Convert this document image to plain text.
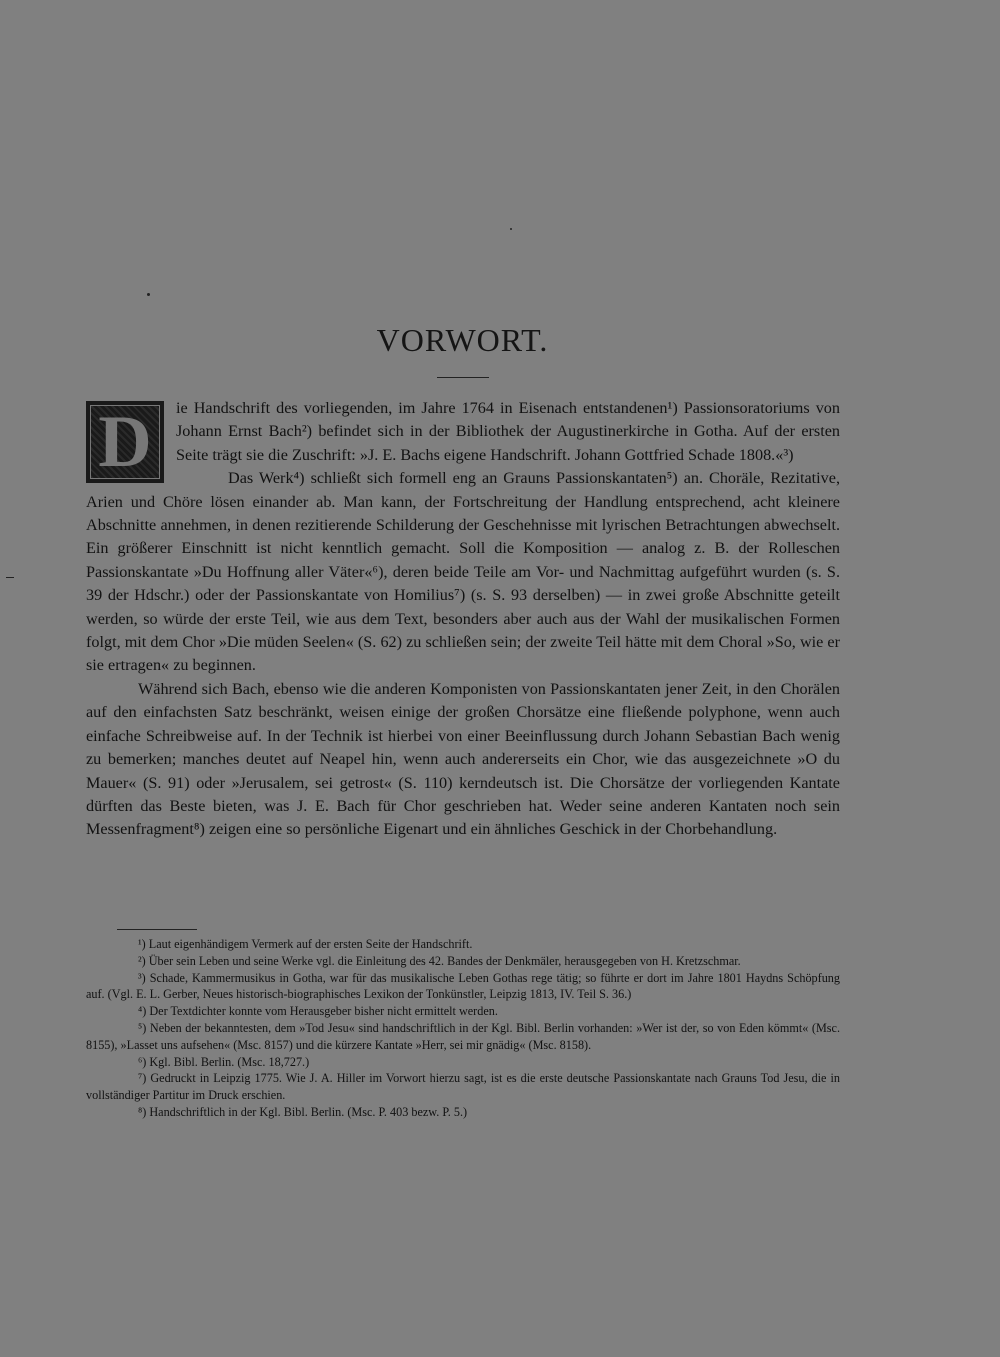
VORWORT.

D	ie Handschrift des vorliegenden, im Jahre 1764 in Eisenach entstandenen¹) Passionsoratoriums von Johann Ernst Bach²) befindet sich in der Bibliothek der Augustinerkirche in Gotha. Auf der ersten Seite trägt sie die Zuschrift: »J. E. Bachs eigene Handschrift. Johann Gottfried Schade 1808.«³)

Das Werk⁴) schließt sich formell eng an Grauns Passionskantaten⁵) an. Choräle, Rezitative, Arien und Chöre lösen einander ab. Man kann, der Fortschreitung der Handlung entsprechend, acht kleinere Abschnitte annehmen, in denen rezitierende Schilderung der Geschehnisse mit lyrischen Betrachtungen abwechselt. Ein größerer Einschnitt ist nicht kenntlich gemacht. Soll die Komposition — analog z. B. der Rolleschen Passionskantate »Du Hoffnung aller Väter«⁶), deren beide Teile am Vor- und Nachmittag aufgeführt wurden (s. S. 39 der Hdschr.) oder der Passionskantate von Homilius⁷) (s. S. 93 derselben) — in zwei große Abschnitte geteilt werden, so würde der erste Teil, wie aus dem Text, besonders aber auch aus der Wahl der musikalischen Formen folgt, mit dem Chor »Die müden Seelen« (S. 62) zu schließen sein; der zweite Teil hätte mit dem Choral »So, wie er sie ertragen« zu beginnen.

Während sich Bach, ebenso wie die anderen Komponisten von Passionskantaten jener Zeit, in den Chorälen auf den einfachsten Satz beschränkt, weisen einige der großen Chorsätze eine fließende polyphone, wenn auch einfache Schreibweise auf. In der Technik ist hierbei von einer Beeinflussung durch Johann Sebastian Bach wenig zu bemerken; manches deutet auf Neapel hin, wenn auch andererseits ein Chor, wie das ausgezeichnete »O du Mauer« (S. 91) oder »Jerusalem, sei getrost« (S. 110) kerndeutsch ist. Die Chorsätze der vorliegenden Kantate dürften das Beste bieten, was J. E. Bach für Chor geschrieben hat. Weder seine anderen Kantaten noch sein Messenfragment⁸) zeigen eine so persönliche Eigenart und ein ähnliches Geschick in der Chorbehandlung.

¹) Laut eigenhändigem Vermerk auf der ersten Seite der Handschrift.

²) Über sein Leben und seine Werke vgl. die Einleitung des 42. Bandes der Denkmäler, herausgegeben von H. Kretzschmar.

³) Schade, Kammermusikus in Gotha, war für das musikalische Leben Gothas rege tätig; so führte er dort im Jahre 1801 Haydns Schöpfung auf. (Vgl. E. L. Gerber, Neues historisch-biographisches Lexikon der Tonkünstler, Leipzig 1813, IV. Teil S. 36.)

⁴) Der Textdichter konnte vom Herausgeber bisher nicht ermittelt werden.

⁵) Neben der bekanntesten, dem »Tod Jesu« sind handschriftlich in der Kgl. Bibl. Berlin vorhanden: »Wer ist der, so von Eden kömmt« (Msc. 8155), »Lasset uns aufsehen« (Msc. 8157) und die kürzere Kantate »Herr, sei mir gnädig« (Msc. 8158).

⁶) Kgl. Bibl. Berlin. (Msc. 18,727.)

⁷) Gedruckt in Leipzig 1775. Wie J. A. Hiller im Vorwort hierzu sagt, ist es die erste deutsche Passionskantate nach Grauns Tod Jesu, die in vollständiger Partitur im Druck erschien.

⁸) Handschriftlich in der Kgl. Bibl. Berlin. (Msc. P. 403 bezw. P. 5.)
